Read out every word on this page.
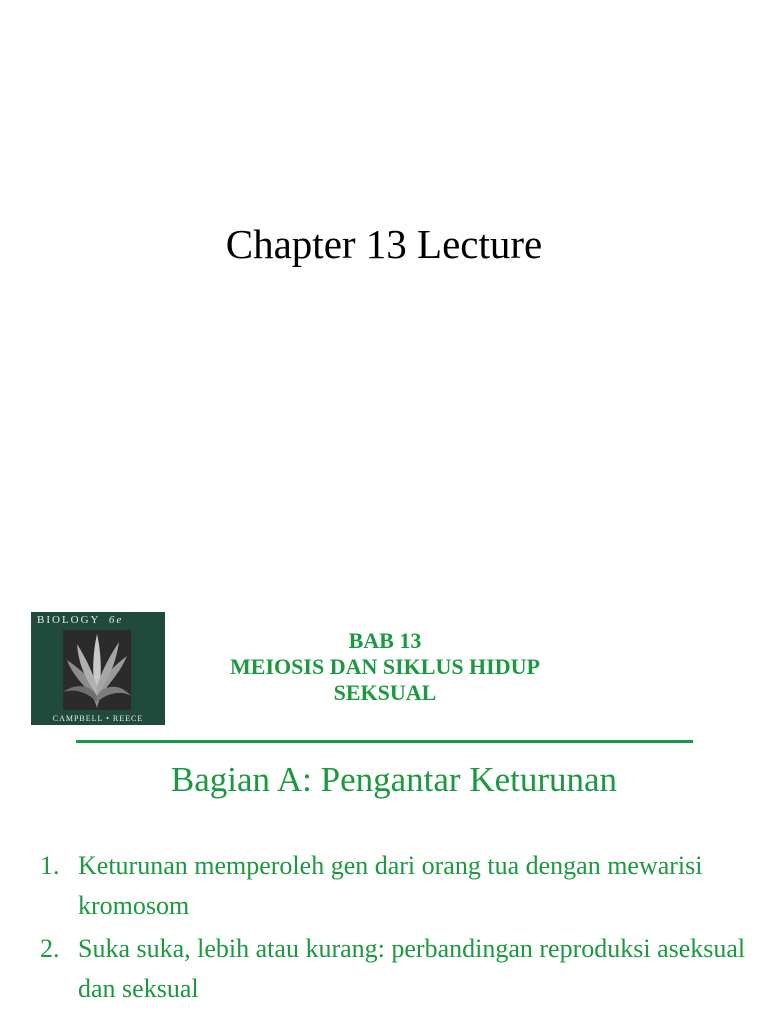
Chapter 13 Lecture
BIOLOGY 6e
CAMPBELL • REECE
BAB 13
MEIOSIS DAN SIKLUS HIDUP
SEKSUAL
Bagian A: Pengantar Keturunan
1. Keturunan memperoleh gen dari orang tua dengan mewarisi kromosom
2. Suka suka, lebih atau kurang: perbandingan reproduksi aseksual dan seksual
